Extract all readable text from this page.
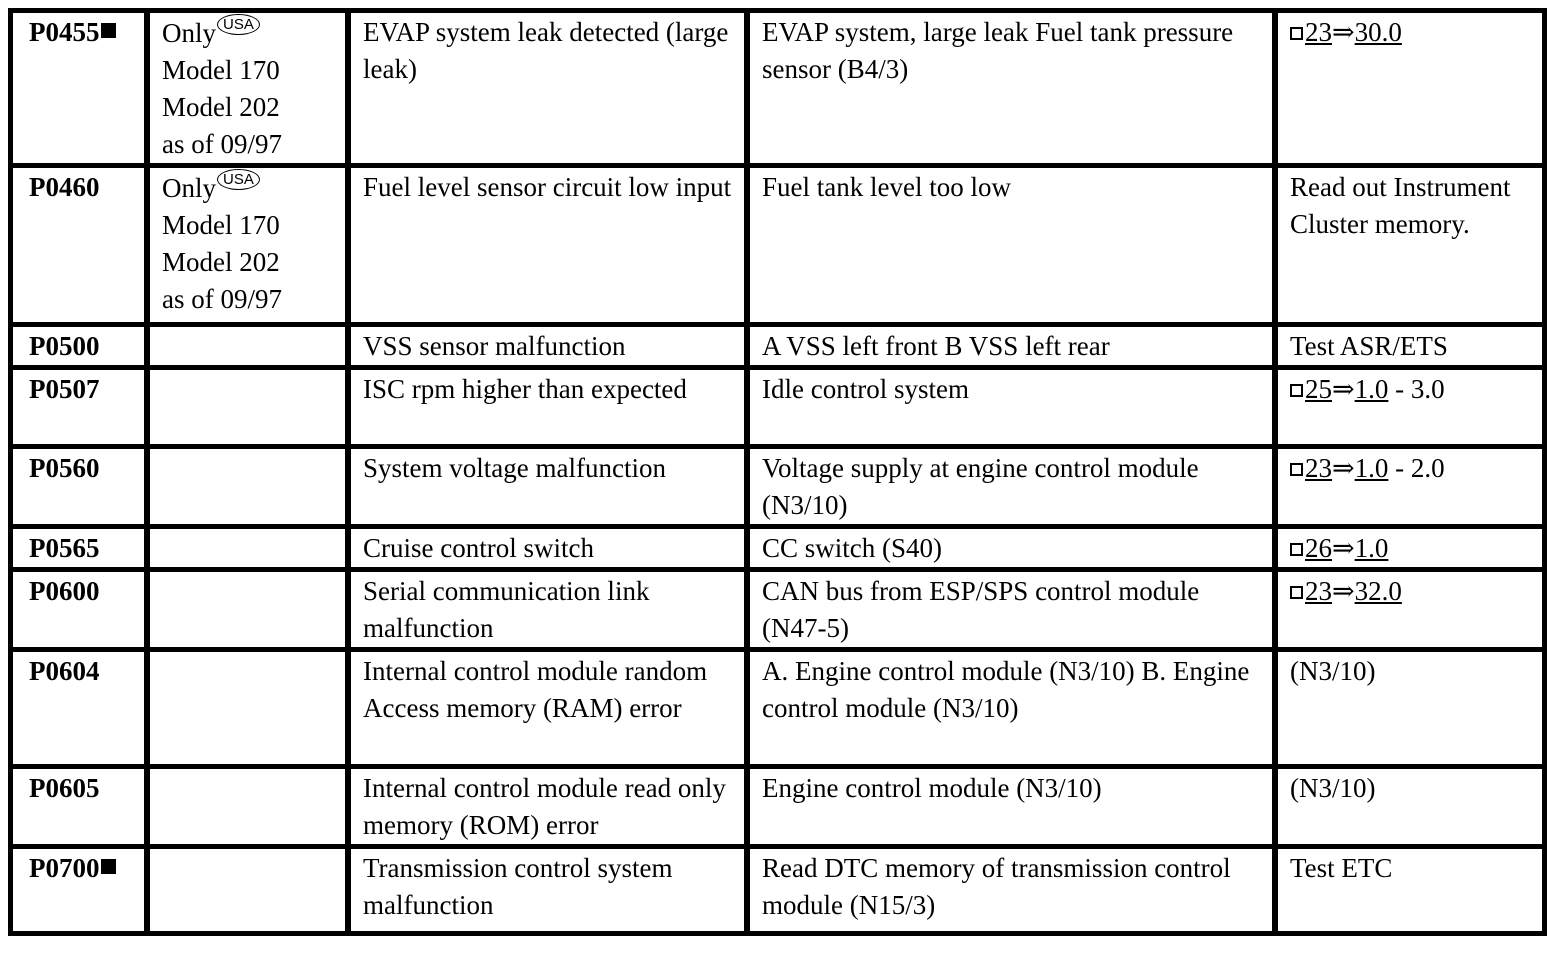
P0455	Only USA
Model 170
Model 202
as of 09/97	EVAP system leak detected (large leak)	EVAP system, large leak Fuel tank pressure sensor (B4/3)	23⇒30.0
P0460	Only USA
Model 170
Model 202
as of 09/97	Fuel level sensor circuit low input	Fuel tank level too low	Read out Instrument Cluster memory.
P0500		VSS sensor malfunction	A VSS left front B VSS left rear	Test ASR/ETS
P0507		ISC rpm higher than expected	Idle control system	25⇒1.0 - 3.0
P0560		System voltage malfunction	Voltage supply at engine control module (N3/10)	23⇒1.0 - 2.0
P0565		Cruise control switch	CC switch (S40)	26⇒1.0
P0600		Serial communication link malfunction	CAN bus from ESP/SPS control module (N47-5)	23⇒32.0
P0604		Internal control module random Access memory (RAM) error	A. Engine control module (N3/10) B. Engine control module (N3/10)	(N3/10)
P0605		Internal control module read only memory (ROM) error	Engine control module (N3/10)	(N3/10)
P0700		Transmission control system malfunction	Read DTC memory of transmission control module (N15/3)	Test ETC
